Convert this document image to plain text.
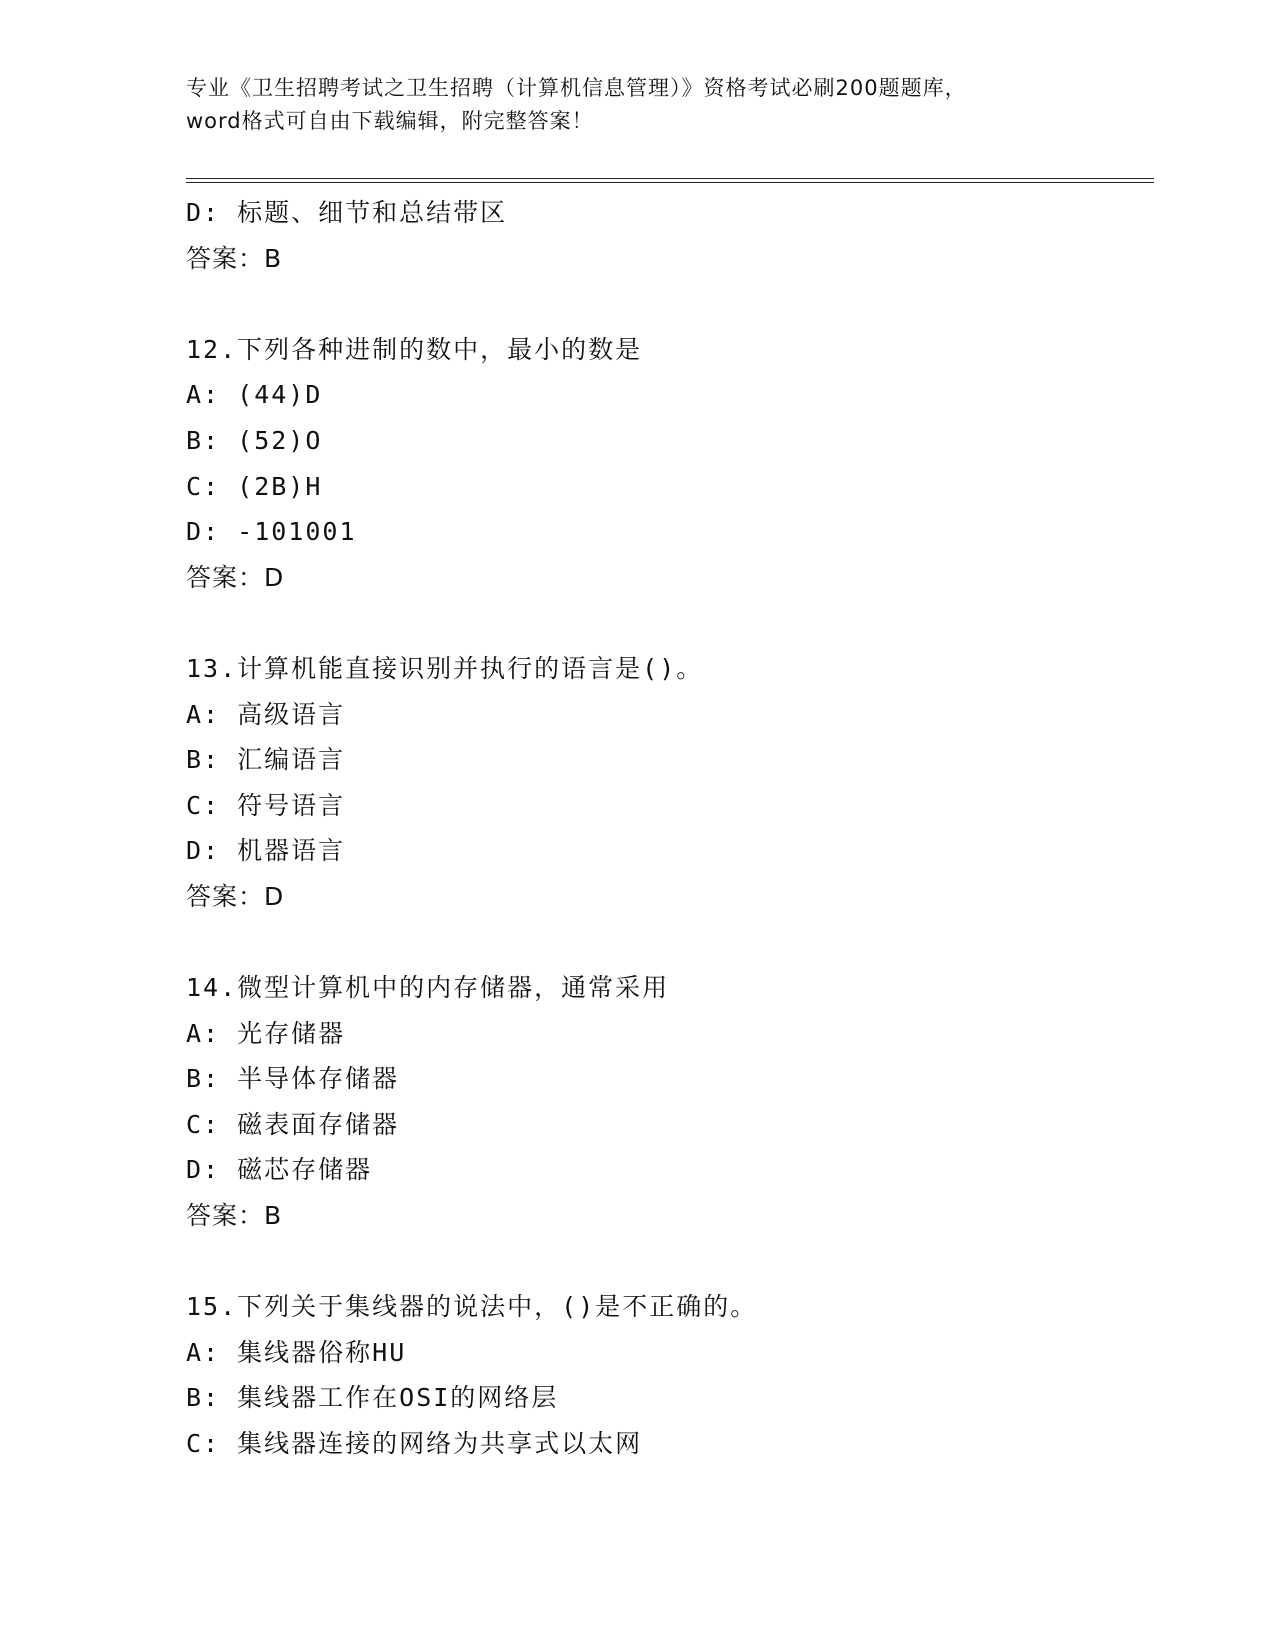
专业《卫生招聘考试之卫生招聘（计算机信息管理）》资格考试必刷200题题库，
word格式可自由下载编辑，附完整答案！
D: 标题、细节和总结带区
答案：B
12.下列各种进制的数中，最小的数是
A: (44)D
B: (52)O
C: (2B)H
D: -101001
答案：D
13.计算机能直接识别并执行的语言是()。
A: 高级语言
B: 汇编语言
C: 符号语言
D: 机器语言
答案：D
14.微型计算机中的内存储器，通常采用
A: 光存储器
B: 半导体存储器
C: 磁表面存储器
D: 磁芯存储器
答案：B
15.下列关于集线器的说法中，()是不正确的。
A: 集线器俗称HU
B: 集线器工作在OSI的网络层
C: 集线器连接的网络为共享式以太网
